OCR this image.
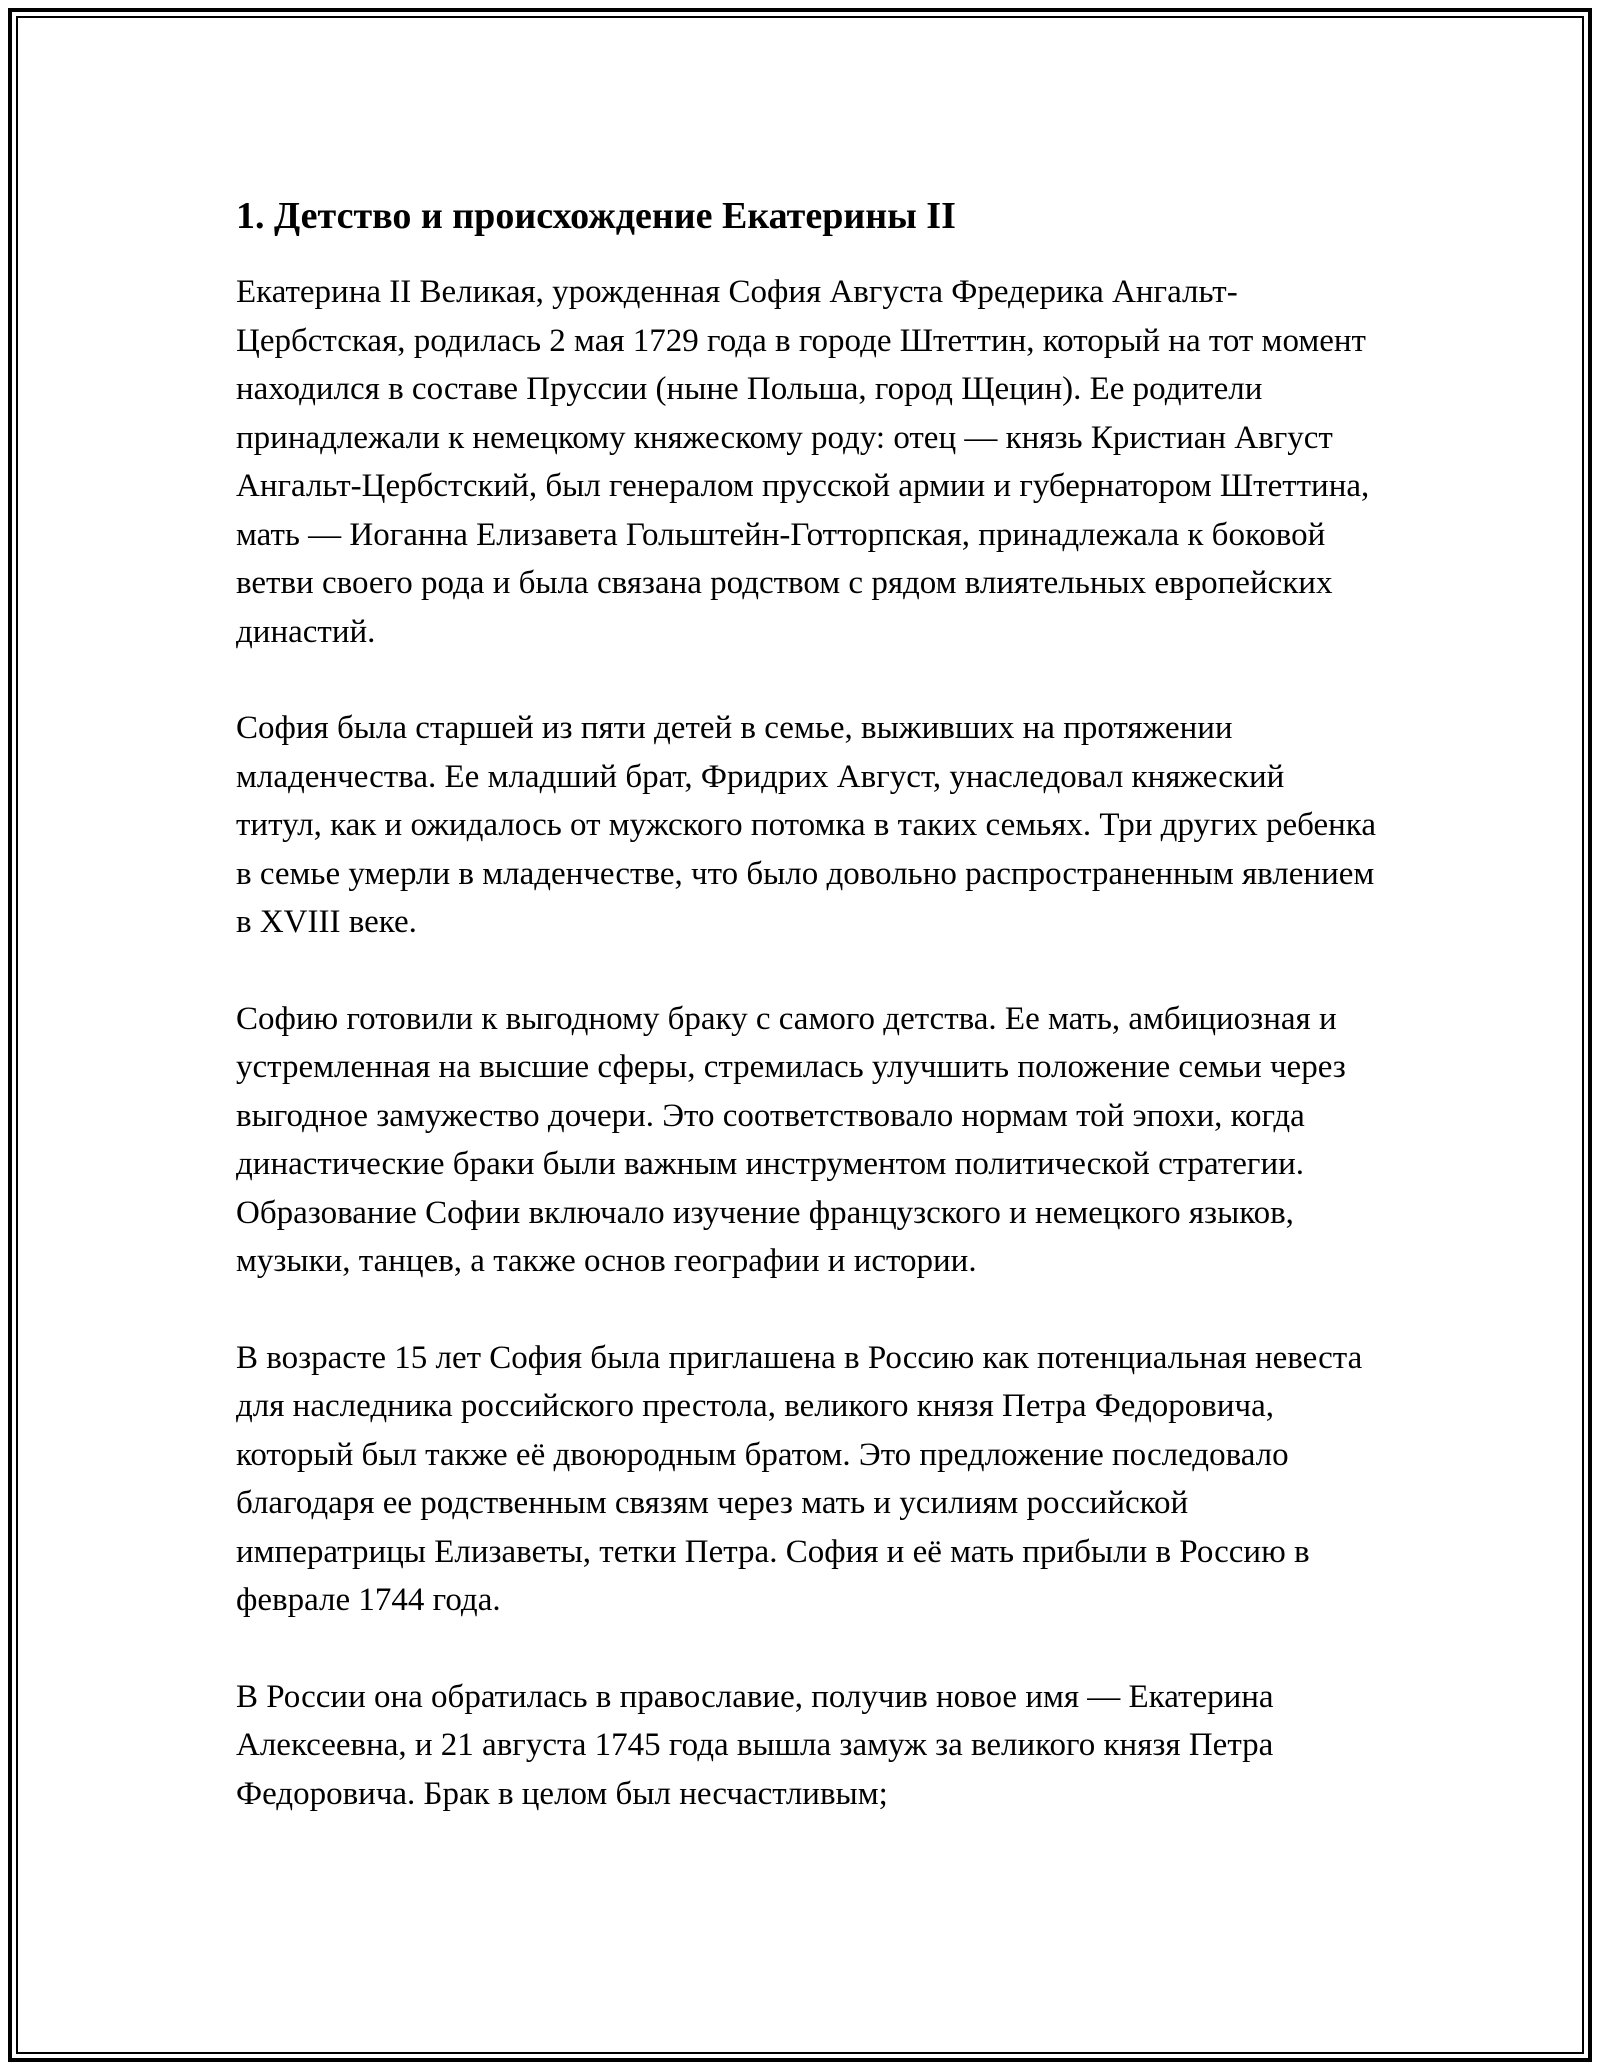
1. Детство и происхождение Екатерины II

Екатерина II Великая, урожденная София Августа Фредерика Ангальт-Цербстская, родилась 2 мая 1729 года в городе Штеттин, который на тот момент находился в составе Пруссии (ныне Польша, город Щецин). Ее родители принадлежали к немецкому княжескому роду: отец — князь Кристиан Август Ангальт-Цербстский, был генералом прусской армии и губернатором Штеттина, мать — Иоганна Елизавета Гольштейн-Готторпская, принадлежала к боковой ветви своего рода и была связана родством с рядом влиятельных европейских династий.

София была старшей из пяти детей в семье, выживших на протяжении младенчества. Ее младший брат, Фридрих Август, унаследовал княжеский титул, как и ожидалось от мужского потомка в таких семьях. Три других ребенка в семье умерли в младенчестве, что было довольно распространенным явлением в XVIII веке.

Софию готовили к выгодному браку с самого детства. Ее мать, амбициозная и устремленная на высшие сферы, стремилась улучшить положение семьи через выгодное замужество дочери. Это соответствовало нормам той эпохи, когда династические браки были важным инструментом политической стратегии. Образование Софии включало изучение французского и немецкого языков, музыки, танцев, а также основ географии и истории.

В возрасте 15 лет София была приглашена в Россию как потенциальная невеста для наследника российского престола, великого князя Петра Федоровича, который был также её двоюродным братом. Это предложение последовало благодаря ее родственным связям через мать и усилиям российской императрицы Елизаветы, тетки Петра. София и её мать прибыли в Россию в феврале 1744 года.

В России она обратилась в православие, получив новое имя — Екатерина Алексеевна, и 21 августа 1745 года вышла замуж за великого князя Петра Федоровича. Брак в целом был несчастливым;
